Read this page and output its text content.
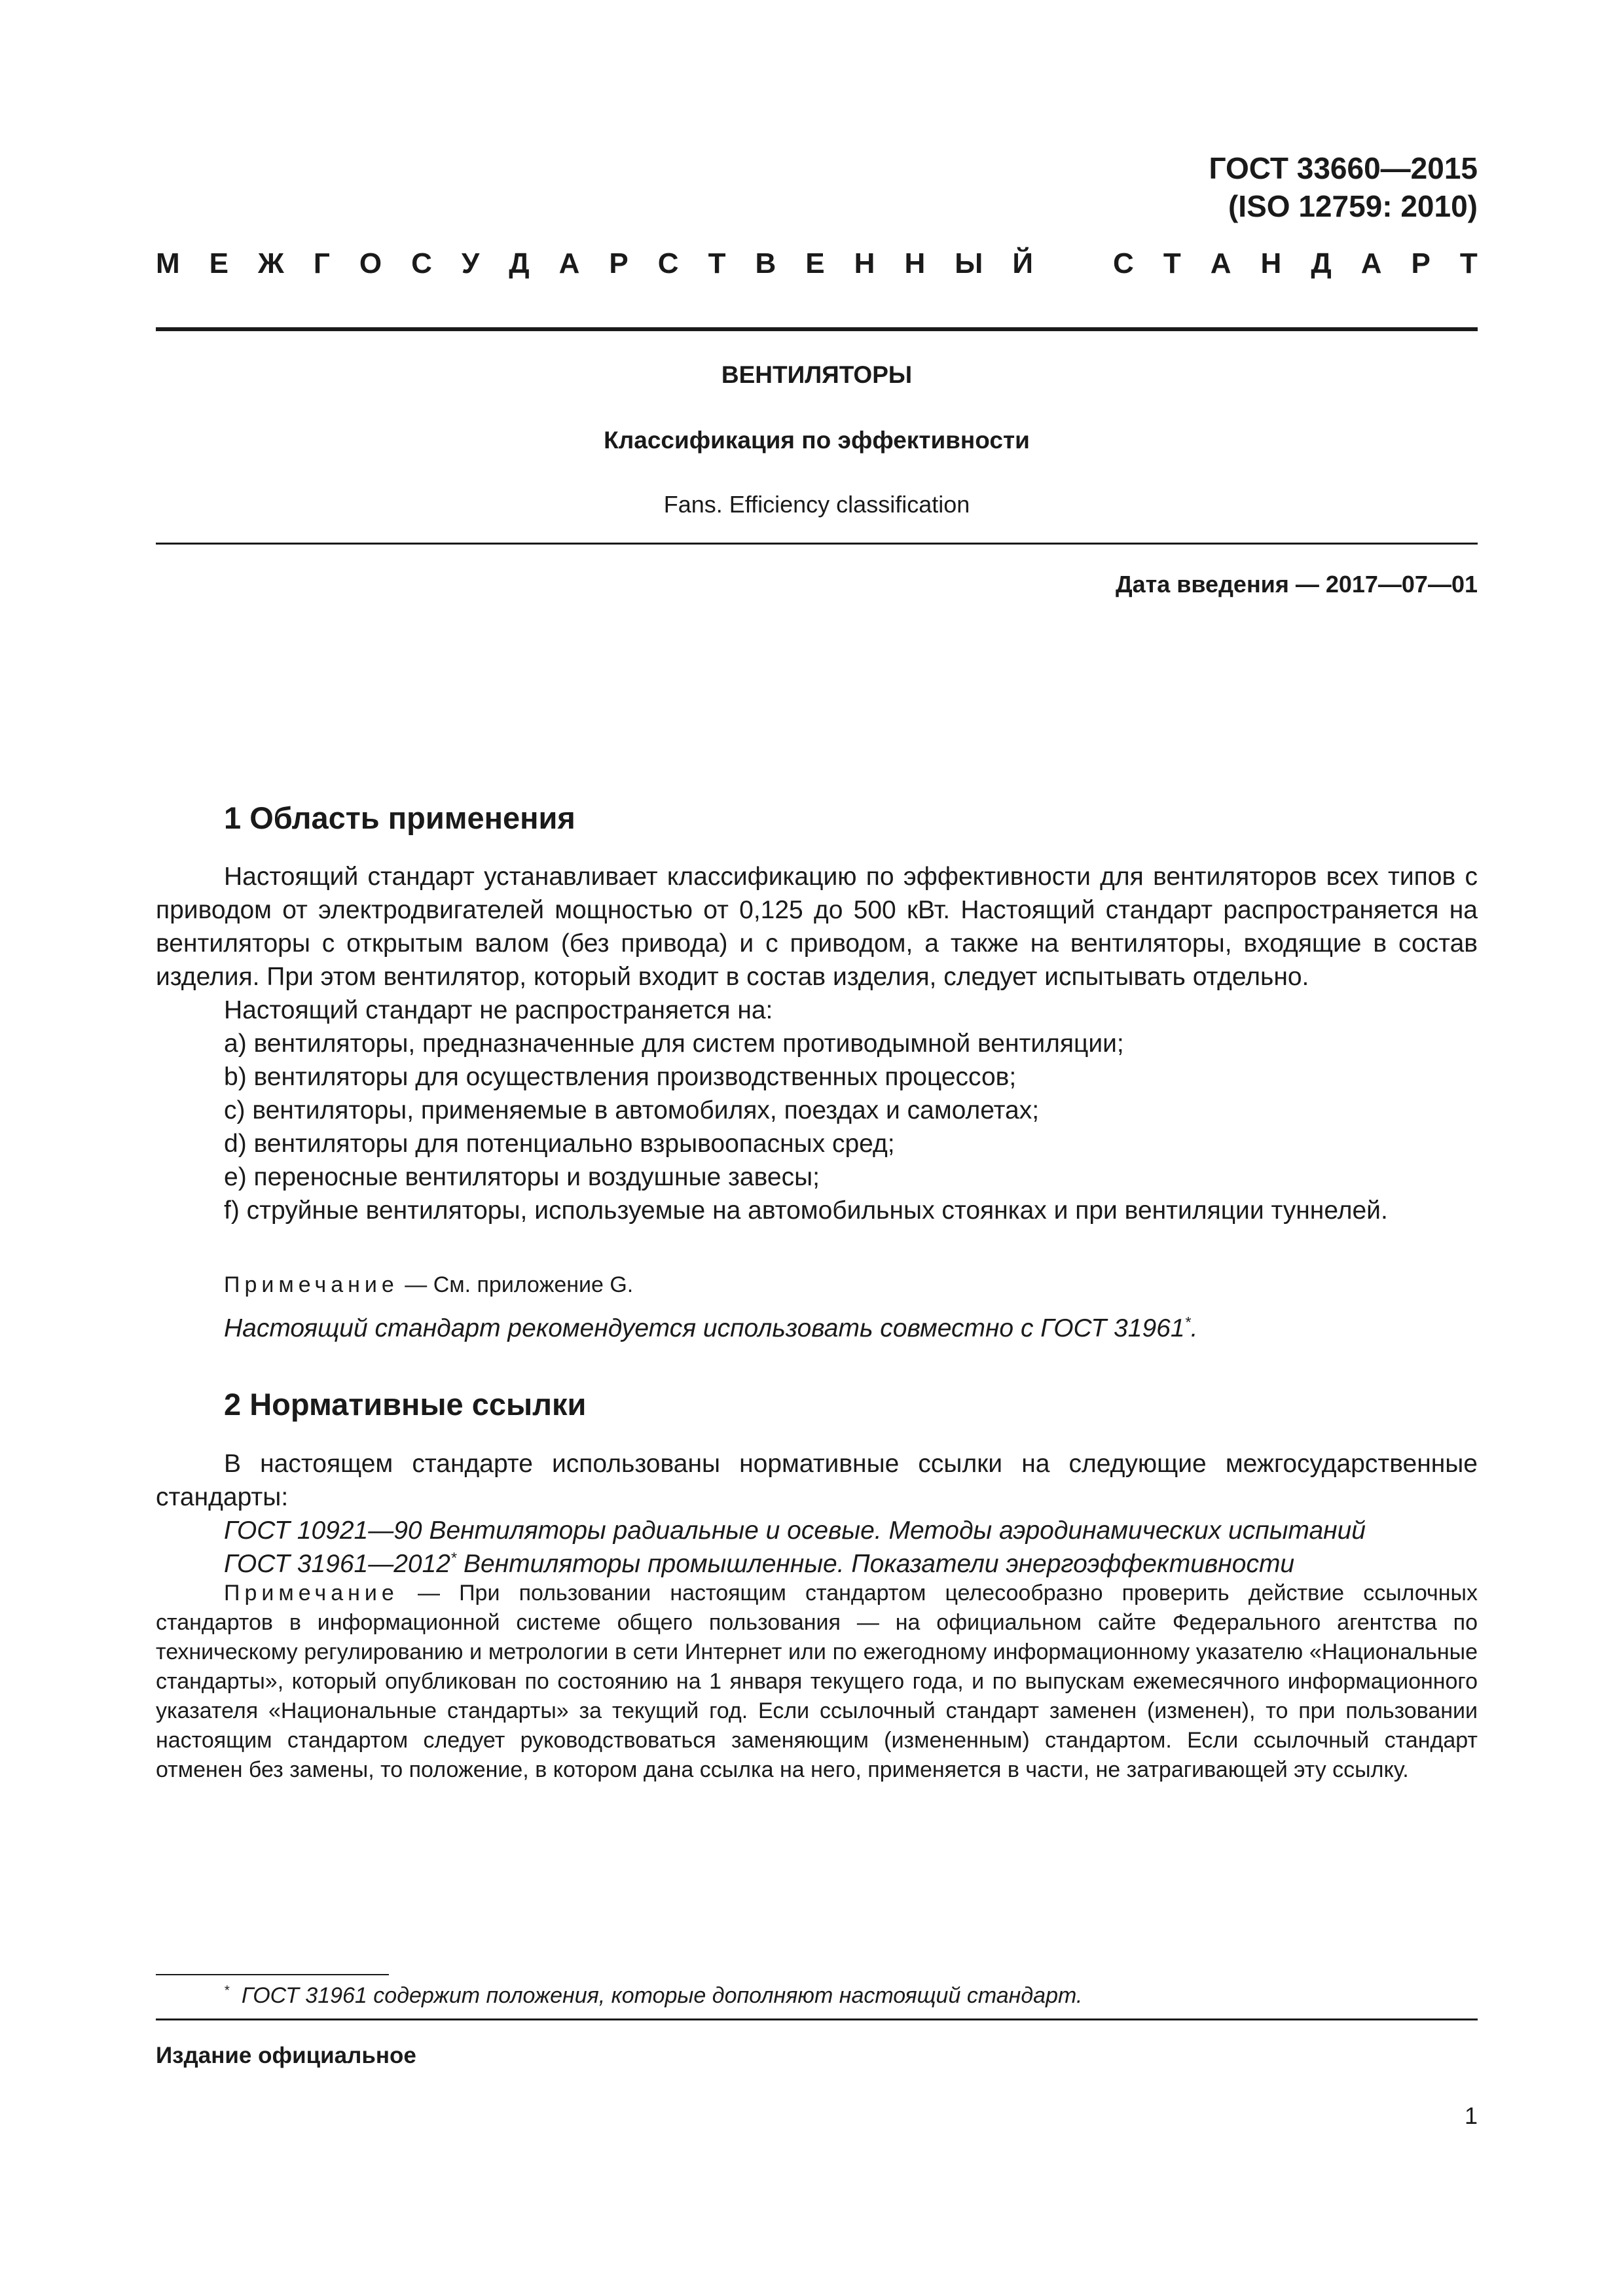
ГОСТ 33660—2015
(ISO 12759: 2010)
М Е Ж Г О С У Д А Р С Т В Е Н Н Ы Й	С Т А Н Д А Р Т
ВЕНТИЛЯТОРЫ
Классификация по эффективности
Fans. Efficiency classification
Дата введения — 2017—07—01
1 Область применения

Настоящий стандарт устанавливает классификацию по эффективности для вентиляторов всех типов с приводом от электродвигателей мощностью от 0,125 до 500 кВт. Настоящий стандарт распространяется на вентиляторы с открытым валом (без привода) и с приводом, а также на вентиляторы, входящие в состав изделия. При этом вентилятор, который входит в состав изделия, следует испытывать отдельно.

Настоящий стандарт не распространяется на:

a) вентиляторы, предназначенные для систем противодымной вентиляции;

b) вентиляторы для осуществления производственных процессов;

c) вентиляторы, применяемые в автомобилях, поездах и самолетах;

d) вентиляторы для потенциально взрывоопасных сред;

e) переносные вентиляторы и воздушные завесы;

f) струйные вентиляторы, используемые на автомобильных стоянках и при вентиляции туннелей.

Примечание — См. приложение G.
Настоящий стандарт рекомендуется использовать совместно с ГОСТ 31961*.
2 Нормативные ссылки

В настоящем стандарте использованы нормативные ссылки на следующие межгосударственные стандарты:

ГОСТ 10921—90 Вентиляторы радиальные и осевые. Методы аэродинамических испытаний

ГОСТ 31961—2012* Вентиляторы промышленные. Показатели энергоэффективности

Примечание — При пользовании настоящим стандартом целесообразно проверить действие ссылочных стандартов в информационной системе общего пользования — на официальном сайте Федерального агентства по техническому регулированию и метрологии в сети Интернет или по ежегодному информационному указателю «Национальные стандарты», который опубликован по состоянию на 1 января текущего года, и по выпускам ежемесячного информационного указателя «Национальные стандарты» за текущий год. Если ссылочный стандарт заменен (изменен), то при пользовании настоящим стандартом следует руководствоваться заменяющим (измененным) стандартом. Если ссылочный стандарт отменен без замены, то положение, в котором дана ссылка на него, применяется в части, не затрагивающей эту ссылку.

* ГОСТ 31961 содержит положения, которые дополняют настоящий стандарт.
Издание официальное
1
